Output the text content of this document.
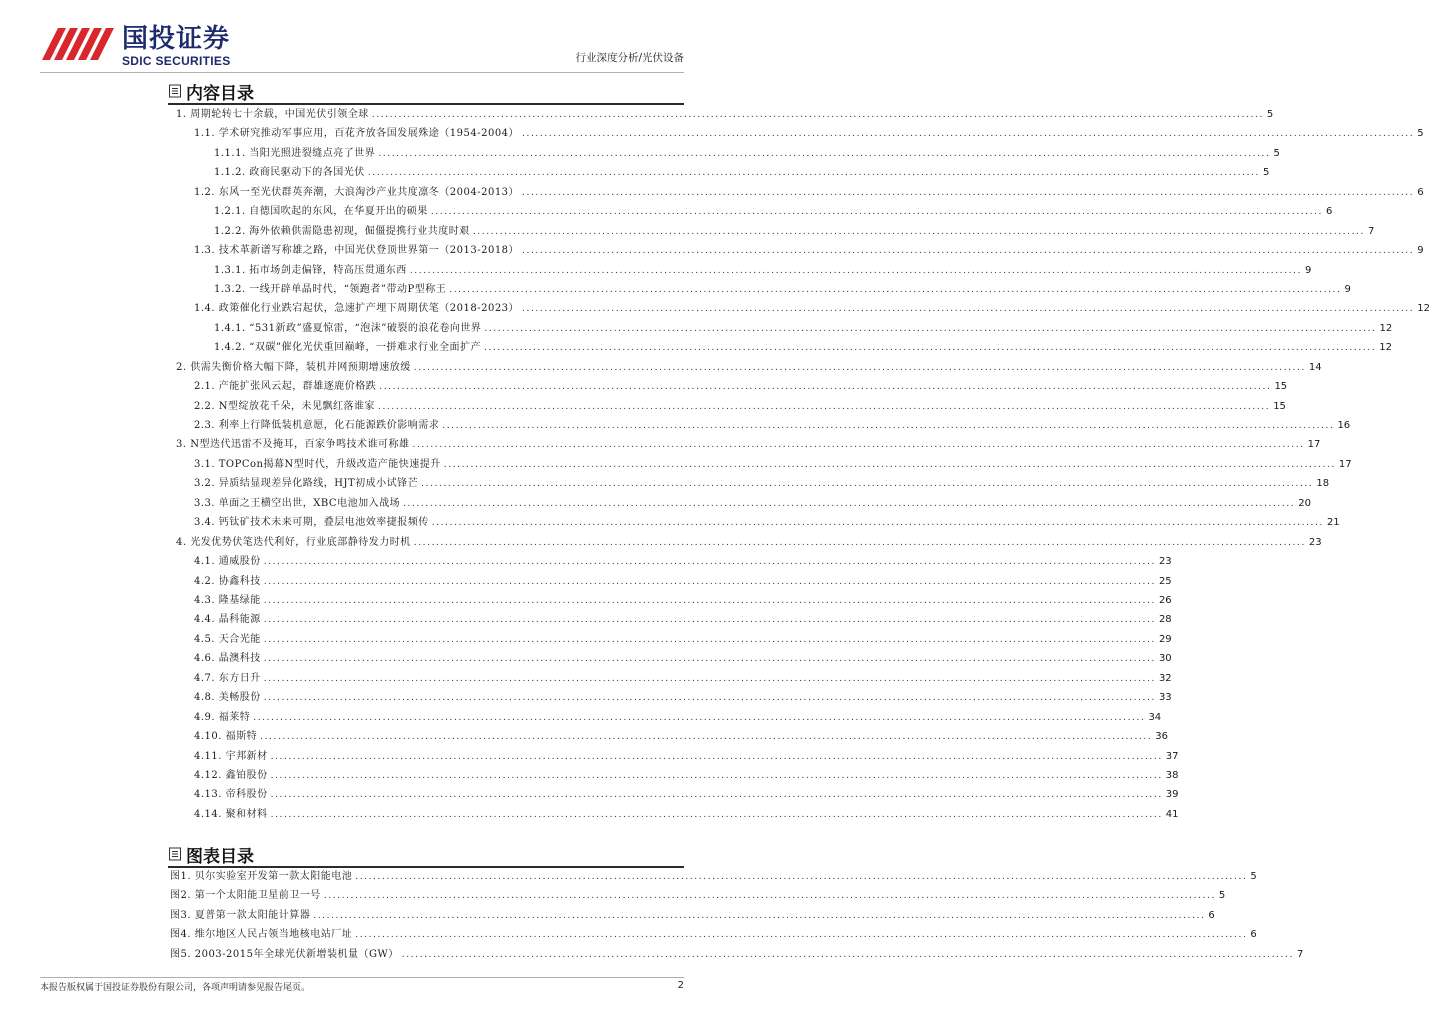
国投证券
SDIC SECURITIES	行业深度分析/光伏设备
内容目录
1. 周期轮转七十余载，中国光伏引领全球 ........................................................................................................................................................................................................ 5
1.1. 学术研究推动军事应用，百花齐放各国发展殊途（1954-2004） ........................................................................................................................................................................................................ 5
1.1.1. 当阳光照进裂缝点亮了世界 ........................................................................................................................................................................................................ 5
1.1.2. 政商民驱动下的各国光伏 ........................................................................................................................................................................................................ 5
1.2. 东风一至光伏群英奔潮，大浪淘沙产业共度凛冬（2004-2013） ........................................................................................................................................................................................................ 6
1.2.1. 自德国吹起的东风，在华夏开出的硕果 ........................................................................................................................................................................................................ 6
1.2.2. 海外依赖供需隐患初现，倔僵提携行业共度时艰 ........................................................................................................................................................................................................ 7
1.3. 技术革新谱写称雄之路，中国光伏登顶世界第一（2013-2018） ........................................................................................................................................................................................................ 9
1.3.1. 拓市场剑走偏锋，特高压贯通东西 ........................................................................................................................................................................................................ 9
1.3.2. 一线开辟单晶时代，“领跑者”带动P型称王 ........................................................................................................................................................................................................ 9
1.4. 政策催化行业跌宕起伏，急速扩产埋下周期伏笔（2018-2023） ........................................................................................................................................................................................................ 12
1.4.1. “531新政”盛夏惊雷，“泡沫”破裂的浪花卷向世界 ........................................................................................................................................................................................................ 12
1.4.2. “双碳”催化光伏重回巅峰，一拼难求行业全面扩产 ........................................................................................................................................................................................................ 12
2. 供需失衡价格大幅下降，装机并网预期增速放缓 ........................................................................................................................................................................................................ 14
2.1. 产能扩张风云起，群雄逐鹿价格跌 ........................................................................................................................................................................................................ 15
2.2. N型绽放花千朵，未见飘红落谁家 ........................................................................................................................................................................................................ 15
2.3. 利率上行降低装机意愿，化石能源跌价影响需求 ........................................................................................................................................................................................................ 16
3. N型迭代迅雷不及掩耳，百家争鸣技术谁可称雄 ........................................................................................................................................................................................................ 17
3.1. TOPCon揭幕N型时代，升级改造产能快速提升 ........................................................................................................................................................................................................ 17
3.2. 异质结显现差异化路线，HJT初成小试锋芒 ........................................................................................................................................................................................................ 18
3.3. 单面之王横空出世，XBC电池加入战场 ........................................................................................................................................................................................................ 20
3.4. 钙钛矿技术未来可期，叠层电池效率捷报频传 ........................................................................................................................................................................................................ 21
4. 光发优势伏笔迭代利好，行业底部静待发力时机 ........................................................................................................................................................................................................ 23
4.1. 通威股份 ........................................................................................................................................................................................................ 23
4.2. 协鑫科技 ........................................................................................................................................................................................................ 25
4.3. 隆基绿能 ........................................................................................................................................................................................................ 26
4.4. 晶科能源 ........................................................................................................................................................................................................ 28
4.5. 天合光能 ........................................................................................................................................................................................................ 29
4.6. 晶澳科技 ........................................................................................................................................................................................................ 30
4.7. 东方日升 ........................................................................................................................................................................................................ 32
4.8. 美畅股份 ........................................................................................................................................................................................................ 33
4.9. 福莱特 ........................................................................................................................................................................................................ 34
4.10. 福斯特 ........................................................................................................................................................................................................ 36
4.11. 宇邦新材 ........................................................................................................................................................................................................ 37
4.12. 鑫铂股份 ........................................................................................................................................................................................................ 38
4.13. 帝科股份 ........................................................................................................................................................................................................ 39
4.14. 聚和材料 ........................................................................................................................................................................................................ 41
图表目录
图1. 贝尔实验室开发第一款太阳能电池 ........................................................................................................................................................................................................ 5
图2. 第一个太阳能卫星前卫一号 ........................................................................................................................................................................................................ 5
图3. 夏普第一款太阳能计算器 ........................................................................................................................................................................................................ 6
图4. 维尔地区人民占领当地核电站厂址 ........................................................................................................................................................................................................ 6
图5. 2003-2015年全球光伏新增装机量（GW） ........................................................................................................................................................................................................ 7
本报告版权属于国投证券股份有限公司，各项声明请参见报告尾页。	2
